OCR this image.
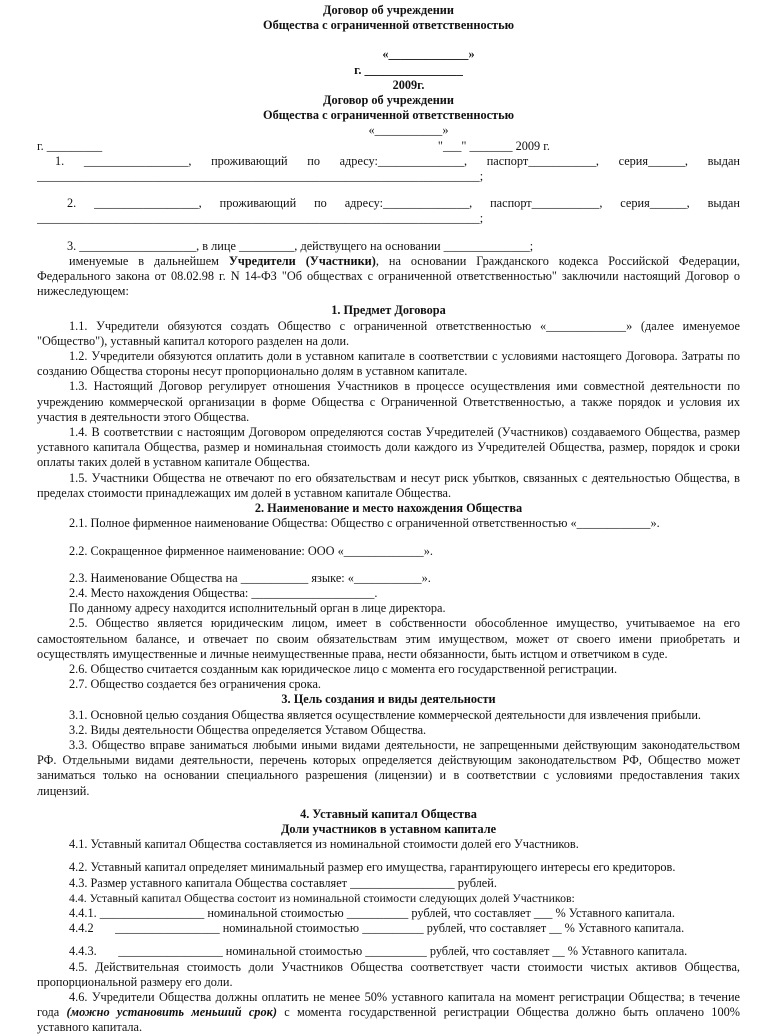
Договор об учреждении

Общества с ограниченной ответственностью

«_____________»

г. ________________

2009г.

Договор об учреждении

Общества с ограниченной ответственностью

«___________»

г. _________	"___" _______ 2009 г.
1. _________________, проживающий по адресу:______________, паспорт___________, серия______, выдан

________________________________________________________________________;

2. _________________, проживающий по адресу:______________, паспорт___________, серия______, выдан

________________________________________________________________________;

3. ___________________, в лице _________, действущего на основании ______________;

именуемые в дальнейшем Учредители (Участники), на основании Гражданского кодекса Российской Федерации, Федерального закона от 08.02.98 г. N 14-ФЗ "Об обществах с ограниченной ответственностью" заключили настоящий Договор о нижеследующем:

1. Предмет Договора

1.1. Учредители обязуются создать Общество с ограниченной ответственностью «_____________» (далее именуемое "Общество"), уставный капитал которого разделен на доли.

1.2. Учредители обязуются оплатить доли в уставном капитале в соответствии с условиями настоящего Договора. Затраты по созданию Общества стороны несут пропорционально долям в уставном капитале.

1.3. Настоящий Договор регулирует отношения Участников в процессе осуществления ими совместной деятельности по учреждению коммерческой организации в форме Общества с Ограниченной Ответственностью, а также порядок и условия их участия в деятельности этого Общества.

1.4. В соответствии с настоящим Договором определяются состав Учредителей (Участников) создаваемого Общества, размер уставного капитала Общества, размер и номинальная стоимость доли каждого из Учредителей Общества, размер, порядок и сроки оплаты таких долей в уставном капитале Общества.

1.5. Участники Общества не отвечают по его обязательствам и несут риск убытков, связанных с деятельностью Общества, в пределах стоимости принадлежащих им долей в уставном капитале Общества.

2. Наименование и место нахождения Общества

2.1. Полное фирменное наименование Общества: Общество с ограниченной ответственностью «____________».

2.2. Сокращенное фирменное наименование: ООО «_____________».

2.3. Наименование Общества на ___________ языке: «___________».

2.4. Место нахождения Общества: ____________________.

По данному адресу находится исполнительный орган в лице директора.

2.5. Общество является юридическим лицом, имеет в собственности обособленное имущество, учитываемое на его самостоятельном балансе, и отвечает по своим обязательствам этим имуществом, может от своего имени приобретать и осуществлять имущественные и личные неимущественные права, нести обязанности, быть истцом и ответчиком в суде.

2.6. Общество считается созданным как юридическое лицо с момента его государственной регистрации.

2.7. Общество создается без ограничения срока.

3. Цель создания и виды деятельности

3.1. Основной целью создания Общества является осуществление коммерческой деятельности для извлечения прибыли.

3.2. Виды деятельности Общества определяется Уставом Общества.

3.3. Общество вправе заниматься любыми иными видами деятельности, не запрещенными действующим законодательством РФ. Отдельными видами деятельности, перечень которых определяется действующим законодательством РФ, Общество может заниматься только на основании специального разрешения (лицензии) и в соответствии с условиями предоставления таких лицензий.

4. Уставный капитал Общества

Доли участников в уставном капитале

4.1. Уставный капитал Общества составляется из номинальной стоимости долей его Участников.

4.2. Уставный капитал определяет минимальный размер его имущества, гарантирующего интересы его кредиторов.

4.3. Размер уставного капитала Общества составляет _________________ рублей.

4.4. Уставный капитал Общества состоит из номинальной стоимости следующих долей Участников:

4.4.1. _________________ номинальной стоимостью __________ рублей, что составляет ___ % Уставного капитала.

4.4.2 _________________ номинальной стоимостью __________ рублей, что составляет __ % Уставного капитала.

4.4.3. _________________ номинальной стоимостью __________ рублей, что составляет __ % Уставного капитала.

4.5. Действительная стоимость доли Участников Общества соответствует части стоимости чистых активов Общества, пропорциональной размеру его доли.

4.6. Учредители Общества должны оплатить не менее 50% уставного капитала на момент регистрации Общества; в течение года (можно установить меньший срок) с момента государственной регистрации Общества должно быть оплачено 100% уставного капитала.
